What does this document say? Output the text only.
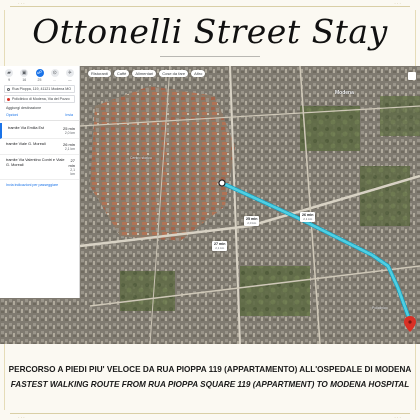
...	...
...	...
Ottonelli Street Stay
Ristoranti	Caffè	Alimentari	Cose da fare	Altro
Modena
Centro storico
Policlinico
25 min
2,0 km
26 min
2,1 km
27 min
2,1 km
▰
9
▣
16
☍
25
⊙
...
✈
—
Rua Pioppa, 119, 41121 Modena MO
Policlinico di Modena, Via del Pozzo
Aggiungi destinazione
Opzioni	Invia
tramite Via Emilia Est	25 min
2,0 km
tramite Viale G. Moreali	26 min
2,1 km
tramite Via Valentino Contri e Viale G. Moreali
27 min
2,1 km
Invia indicazioni per passeggiare
PERCORSO A PIEDI PIU' VELOCE DA RUA PIOPPA 119 (APPARTAMENTO) ALL'OSPEDALE DI MODENA
FASTEST WALKING ROUTE FROM RUA PIOPPA SQUARE 119 (APPARTMENT) TO MODENA HOSPITAL
